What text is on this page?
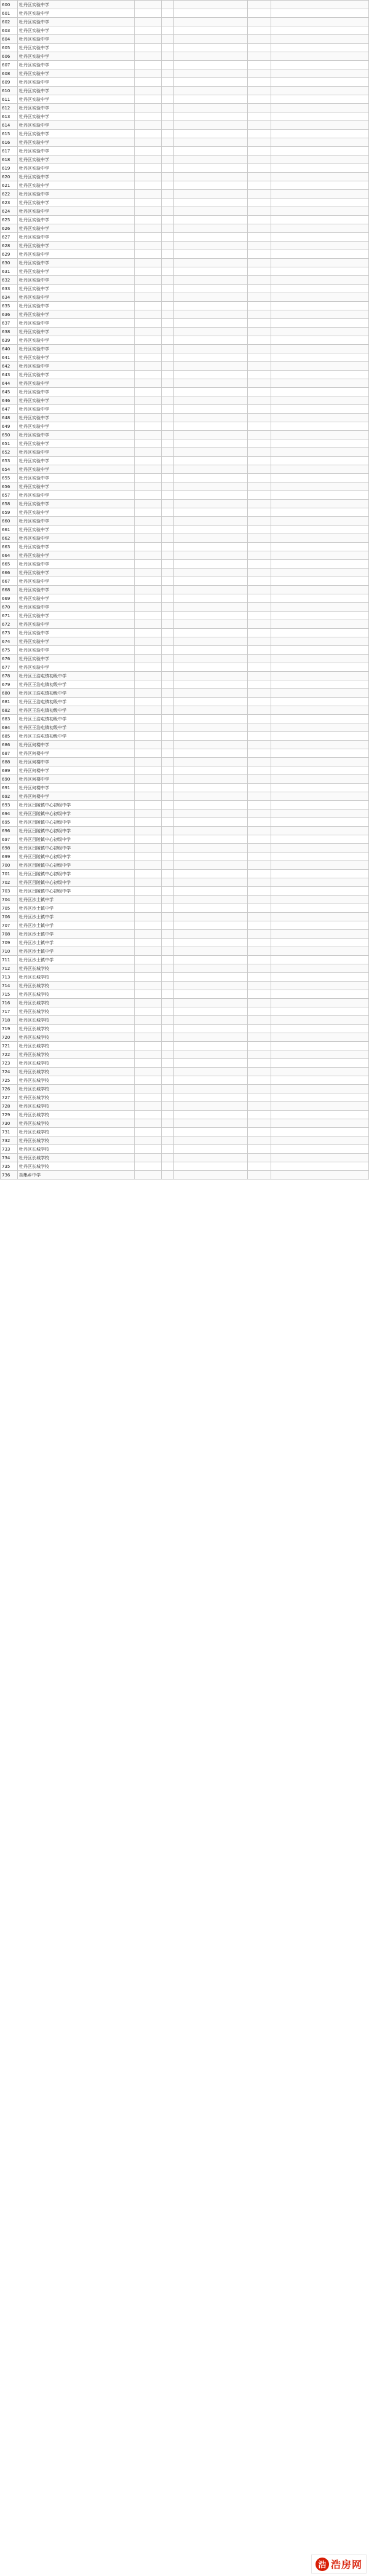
600	牡丹区实验中学					
601	牡丹区实验中学					
602	牡丹区实验中学					
603	牡丹区实验中学					
604	牡丹区实验中学					
605	牡丹区实验中学					
606	牡丹区实验中学					
607	牡丹区实验中学					
608	牡丹区实验中学					
609	牡丹区实验中学					
610	牡丹区实验中学					
611	牡丹区实验中学					
612	牡丹区实验中学					
613	牡丹区实验中学					
614	牡丹区实验中学					
615	牡丹区实验中学					
616	牡丹区实验中学					
617	牡丹区实验中学					
618	牡丹区实验中学					
619	牡丹区实验中学					
620	牡丹区实验中学					
621	牡丹区实验中学					
622	牡丹区实验中学					
623	牡丹区实验中学					
624	牡丹区实验中学					
625	牡丹区实验中学					
626	牡丹区实验中学					
627	牡丹区实验中学					
628	牡丹区实验中学					
629	牡丹区实验中学					
630	牡丹区实验中学					
631	牡丹区实验中学					
632	牡丹区实验中学					
633	牡丹区实验中学					
634	牡丹区实验中学					
635	牡丹区实验中学					
636	牡丹区实验中学					
637	牡丹区实验中学					
638	牡丹区实验中学					
639	牡丹区实验中学					
640	牡丹区实验中学					
641	牡丹区实验中学					
642	牡丹区实验中学					
643	牡丹区实验中学					
644	牡丹区实验中学					
645	牡丹区实验中学					
646	牡丹区实验中学					
647	牡丹区实验中学					
648	牡丹区实验中学					
649	牡丹区实验中学					
650	牡丹区实验中学					
651	牡丹区实验中学					
652	牡丹区实验中学					
653	牡丹区实验中学					
654	牡丹区实验中学					
655	牡丹区实验中学					
656	牡丹区实验中学					
657	牡丹区实验中学					
658	牡丹区实验中学					
659	牡丹区实验中学					
660	牡丹区实验中学					
661	牡丹区实验中学					
662	牡丹区实验中学					
663	牡丹区实验中学					
664	牡丹区实验中学					
665	牡丹区实验中学					
666	牡丹区实验中学					
667	牡丹区实验中学					
668	牡丹区实验中学					
669	牡丹区实验中学					
670	牡丹区实验中学					
671	牡丹区实验中学					
672	牡丹区实验中学					
673	牡丹区实验中学					
674	牡丹区实验中学					
675	牡丹区实验中学					
676	牡丹区实验中学					
677	牡丹区实验中学					
678	牡丹区王浩屯镇初级中学					
679	牡丹区王浩屯镇初级中学					
680	牡丹区王浩屯镇初级中学					
681	牡丹区王浩屯镇初级中学					
682	牡丹区王浩屯镇初级中学					
683	牡丹区王浩屯镇初级中学					
684	牡丹区王浩屯镇初级中学					
685	牡丹区王浩屯镇初级中学					
686	牡丹区何楼中学					
687	牡丹区何楼中学					
688	牡丹区何楼中学					
689	牡丹区何楼中学					
690	牡丹区何楼中学					
691	牡丹区何楼中学					
692	牡丹区何楼中学					
693	牡丹区吕陵镇中心初级中学					
694	牡丹区吕陵镇中心初级中学					
695	牡丹区吕陵镇中心初级中学					
696	牡丹区吕陵镇中心初级中学					
697	牡丹区吕陵镇中心初级中学					
698	牡丹区吕陵镇中心初级中学					
699	牡丹区吕陵镇中心初级中学					
700	牡丹区吕陵镇中心初级中学					
701	牡丹区吕陵镇中心初级中学					
702	牡丹区吕陵镇中心初级中学					
703	牡丹区吕陵镇中心初级中学					
704	牡丹区沙土镇中学					
705	牡丹区沙土镇中学					
706	牡丹区沙土镇中学					
707	牡丹区沙土镇中学					
708	牡丹区沙土镇中学					
709	牡丹区沙土镇中学					
710	牡丹区沙土镇中学					
711	牡丹区沙土镇中学					
712	牡丹区长城学校					
713	牡丹区长城学校					
714	牡丹区长城学校					
715	牡丹区长城学校					
716	牡丹区长城学校					
717	牡丹区长城学校					
718	牡丹区长城学校					
719	牡丹区长城学校					
720	牡丹区长城学校					
721	牡丹区长城学校					
722	牡丹区长城学校					
723	牡丹区长城学校					
724	牡丹区长城学校					
725	牡丹区长城学校					
726	牡丹区长城学校					
727	牡丹区长城学校					
728	牡丹区长城学校					
729	牡丹区长城学校					
730	牡丹区长城学校					
731	牡丹区长城学校					
732	牡丹区长城学校					
733	牡丹区长城学校					
734	牡丹区长城学校					
735	牡丹区长城学校					
736	胡集乡中学					
浩 浩房网
